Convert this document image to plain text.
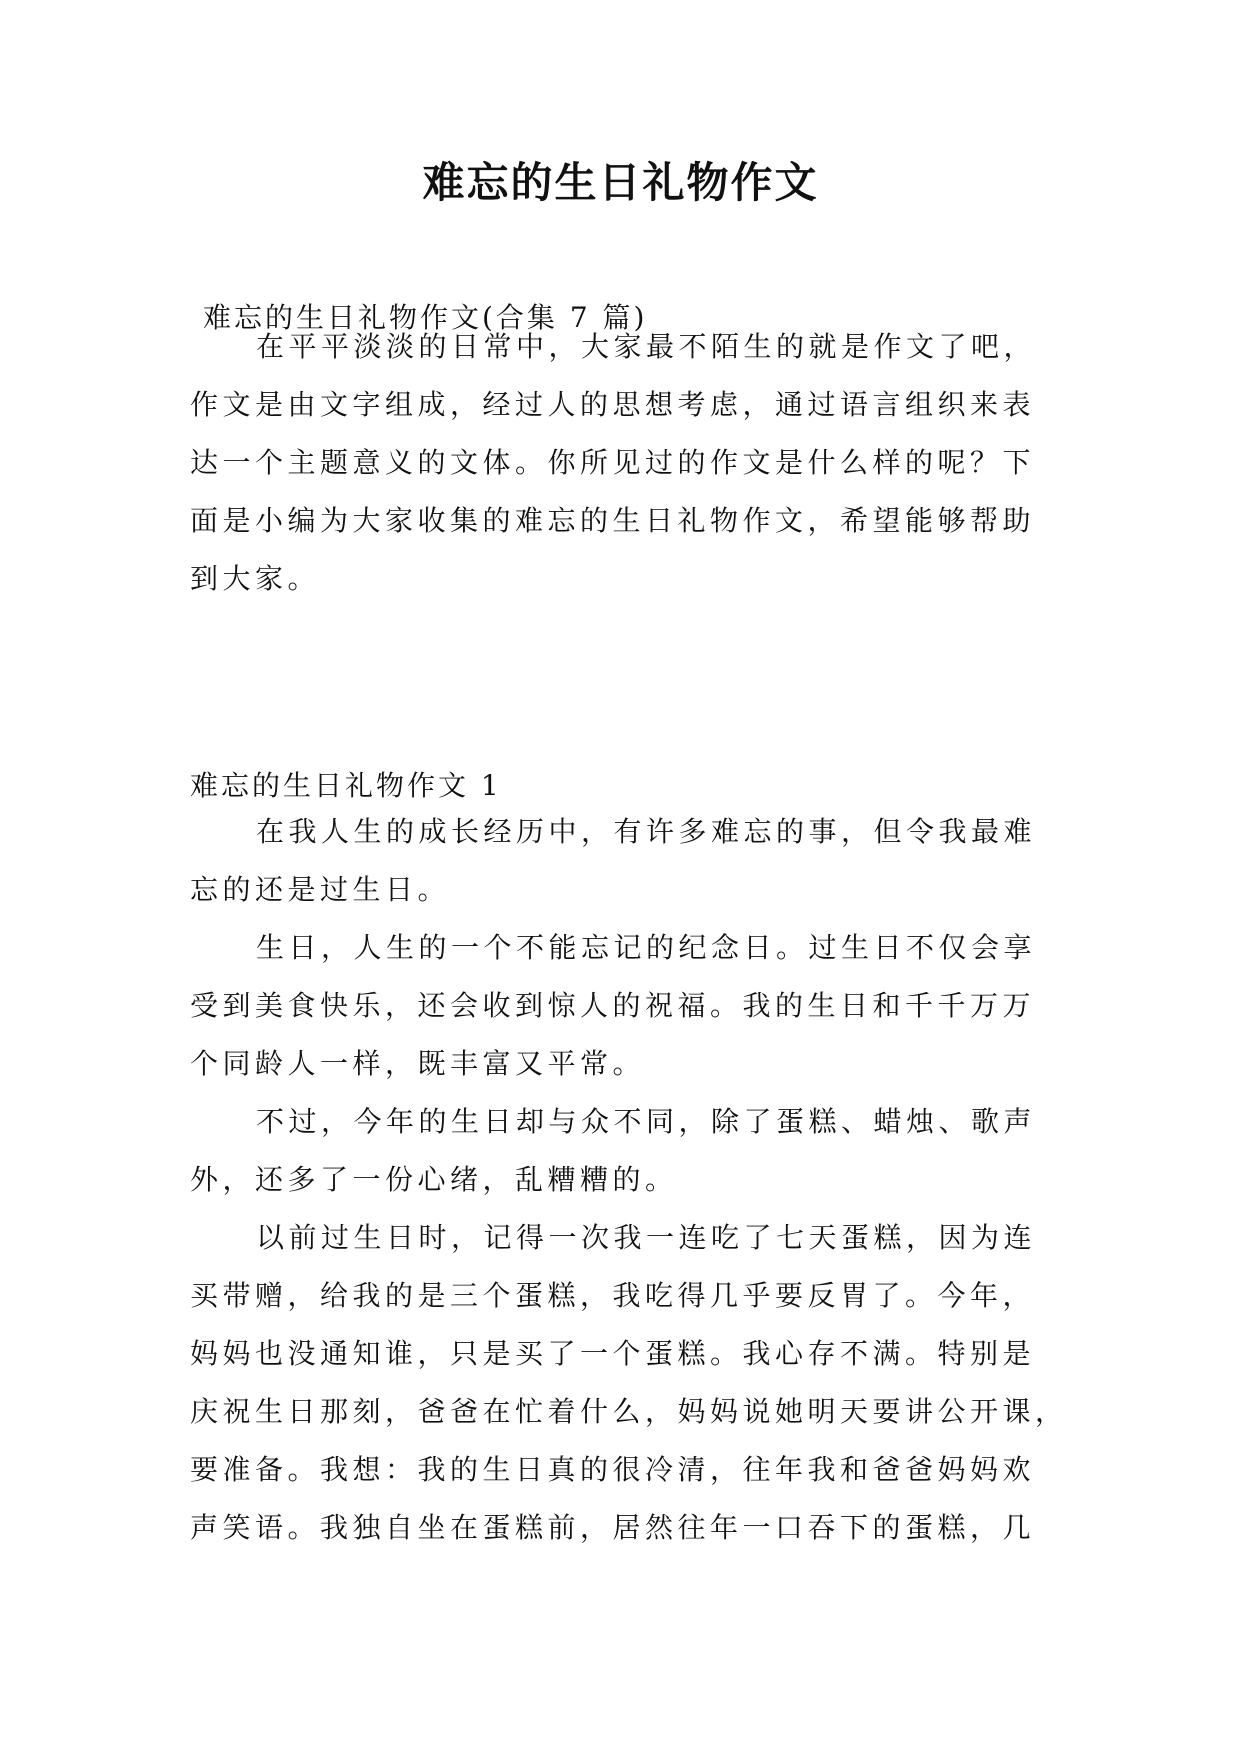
难忘的生日礼物作文

难忘的生日礼物作文(合集 7 篇)

在平平淡淡的日常中，大家最不陌生的就是作文了吧，
作文是由文字组成，经过人的思想考虑，通过语言组织来表
达一个主题意义的文体。你所见过的作文是什么样的呢？下
面是小编为大家收集的难忘的生日礼物作文，希望能够帮助
到大家。

难忘的生日礼物作文 1

在我人生的成长经历中，有许多难忘的事，但令我最难
忘的还是过生日。
生日，人生的一个不能忘记的纪念日。过生日不仅会享
受到美食快乐，还会收到惊人的祝福。我的生日和千千万万
个同龄人一样，既丰富又平常。
不过，今年的生日却与众不同，除了蛋糕、蜡烛、歌声
外，还多了一份心绪，乱糟糟的。
以前过生日时，记得一次我一连吃了七天蛋糕，因为连
买带赠，给我的是三个蛋糕，我吃得几乎要反胃了。今年，
妈妈也没通知谁，只是买了一个蛋糕。我心存不满。特别是
庆祝生日那刻，爸爸在忙着什么，妈妈说她明天要讲公开课，
要准备。我想：我的生日真的很冷清，往年我和爸爸妈妈欢
声笑语。我独自坐在蛋糕前，居然往年一口吞下的蛋糕，几
